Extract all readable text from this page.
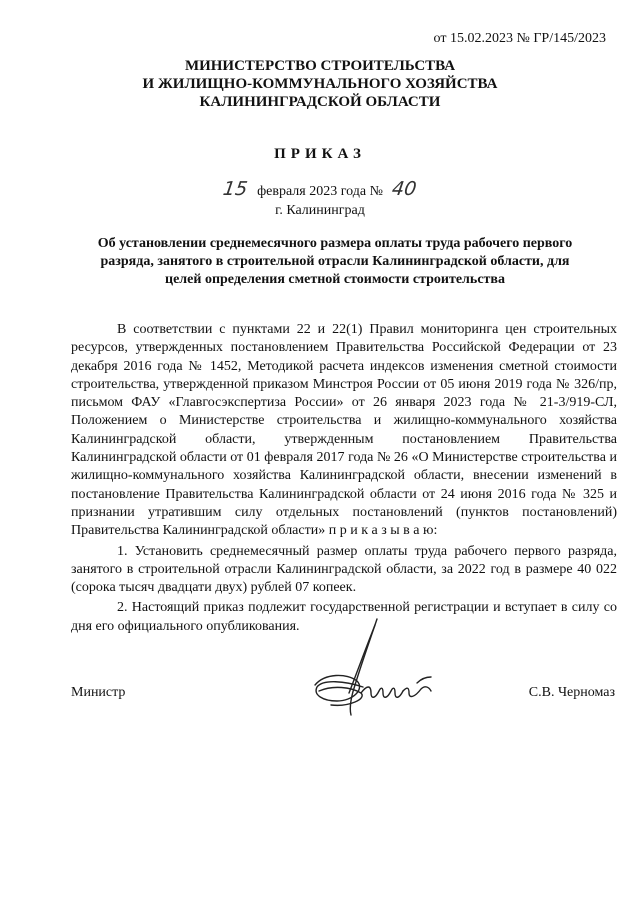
от 15.02.2023 № ГР/145/2023
МИНИСТЕРСТВО СТРОИТЕЛЬСТВА
И ЖИЛИЩНО-КОММУНАЛЬНОГО ХОЗЯЙСТВА
КАЛИНИНГРАДСКОЙ ОБЛАСТИ
ПРИКАЗ
15 февраля 2023 года № 40
г. Калининград
Об установлении среднемесячного размера оплаты труда рабочего первого разряда, занятого в строительной отрасли Калининградской области, для целей определения сметной стоимости строительства

В соответствии с пунктами 22 и 22(1) Правил мониторинга цен строительных ресурсов, утвержденных постановлением Правительства Российской Федерации от 23 декабря 2016 года № 1452, Методикой расчета индексов изменения сметной стоимости строительства, утвержденной приказом Минстроя России от 05 июня 2019 года № 326/пр, письмом ФАУ «Главгосэкспертиза России» от 26 января 2023 года № 21-3/919-СЛ, Положением о Министерстве строительства и жилищно-коммунального хозяйства Калининградской области, утвержденным постановлением Правительства Калининградской области от 01 февраля 2017 года № 26 «О Министерстве строительства и жилищно-коммунального хозяйства Калининградской области, внесении изменений в постановление Правительства Калининградской области от 24 июня 2016 года № 325 и признании утратившим силу отдельных постановлений (пунктов постановлений) Правительства Калининградской области» п р и к а з ы в а ю:

1. Установить среднемесячный размер оплаты труда рабочего первого разряда, занятого в строительной отрасли Калининградской области, за 2022 год в размере 40 022 (сорока тысяч двадцати двух) рублей 07 копеек.

2. Настоящий приказ подлежит государственной регистрации и вступает в силу со дня его официального опубликования.

Министр	С.В. Черномаз
